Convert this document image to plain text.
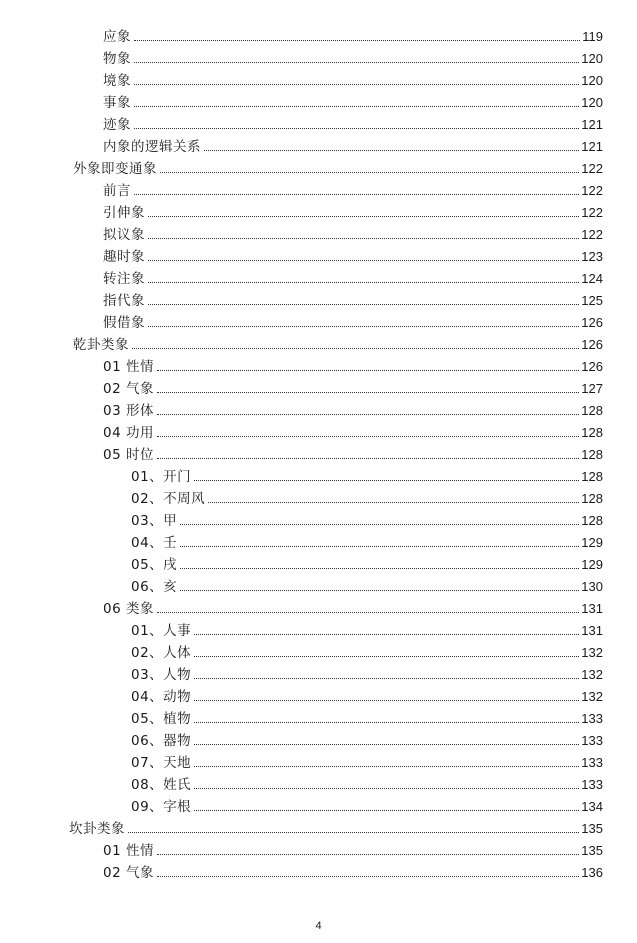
应象	119
物象	120
境象	120
事象	120
迹象	121
内象的逻辑关系	121
外象即变通象	122
前言	122
引伸象	122
拟议象	122
趣时象	123
转注象	124
指代象	125
假借象	126
乾卦类象	126
01 性情	126
02 气象	127
03 形体	128
04 功用	128
05 时位	128
01、开门	128
02、不周风	128
03、甲	128
04、壬	129
05、戌	129
06、亥	130
06 类象	131
01、人事	131
02、人体	132
03、人物	132
04、动物	132
05、植物	133
06、器物	133
07、天地	133
08、姓氏	133
09、字根	134
坎卦类象	135
01 性情	135
02 气象	136
4
